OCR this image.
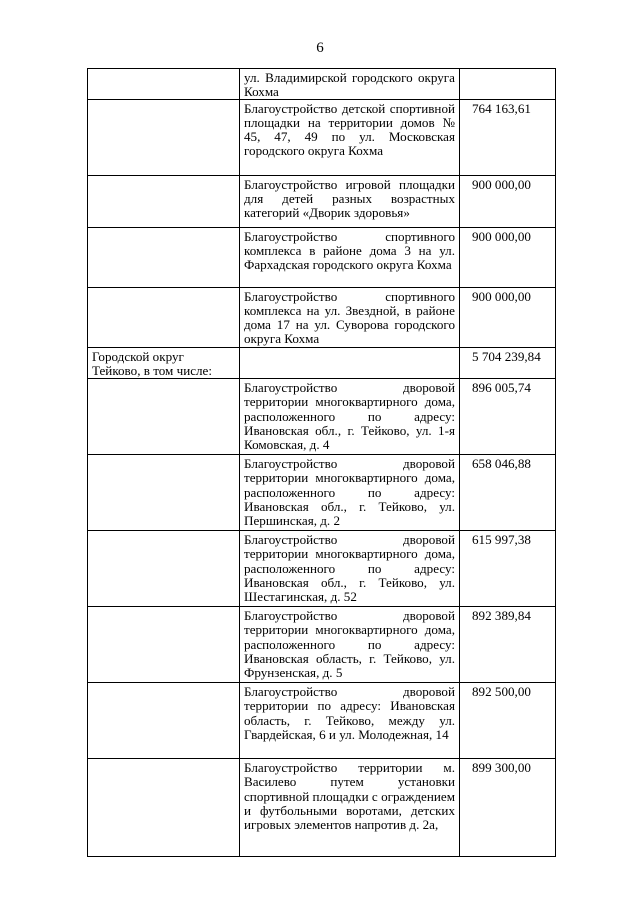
6
	ул. Владимирской городского округа Кохма	
	Благоустройство детской спортивной площадки на территории домов № 45, 47, 49 по ул. Московская городского округа Кохма	764 163,61
	Благоустройство игровой площадки для детей разных возрастных категорий «Дворик здоровья»	900 000,00
	Благоустройство спортивного комплекса в районе дома 3 на ул. Фархадская городского округа Кохма	900 000,00
	Благоустройство спортивного комплекса на ул. Звездной, в районе дома 17 на ул. Суворова городского округа Кохма	900 000,00
Городской округ Тейково, в том числе:		5 704 239,84
	Благоустройство дворовой территории многоквартирного дома, расположенного по адресу: Ивановская обл., г. Тейково, ул. 1-я Комовская, д. 4	896 005,74
	Благоустройство дворовой территории многоквартирного дома, расположенного по адресу: Ивановская обл., г. Тейково, ул. Першинская, д. 2	658 046,88
	Благоустройство дворовой территории многоквартирного дома, расположенного по адресу: Ивановская обл., г. Тейково, ул. Шестагинская, д. 52	615 997,38
	Благоустройство дворовой территории многоквартирного дома, расположенного по адресу: Ивановская область, г. Тейково, ул. Фрунзенская, д. 5	892 389,84
	Благоустройство дворовой территории по адресу: Ивановская область, г. Тейково, между ул. Гвардейская, 6 и ул. Молодежная, 14	892 500,00
	Благоустройство территории м. Василево путем установки спортивной площадки с ограждением и футбольными воротами, детских игровых элементов напротив д. 2а,	899 300,00
